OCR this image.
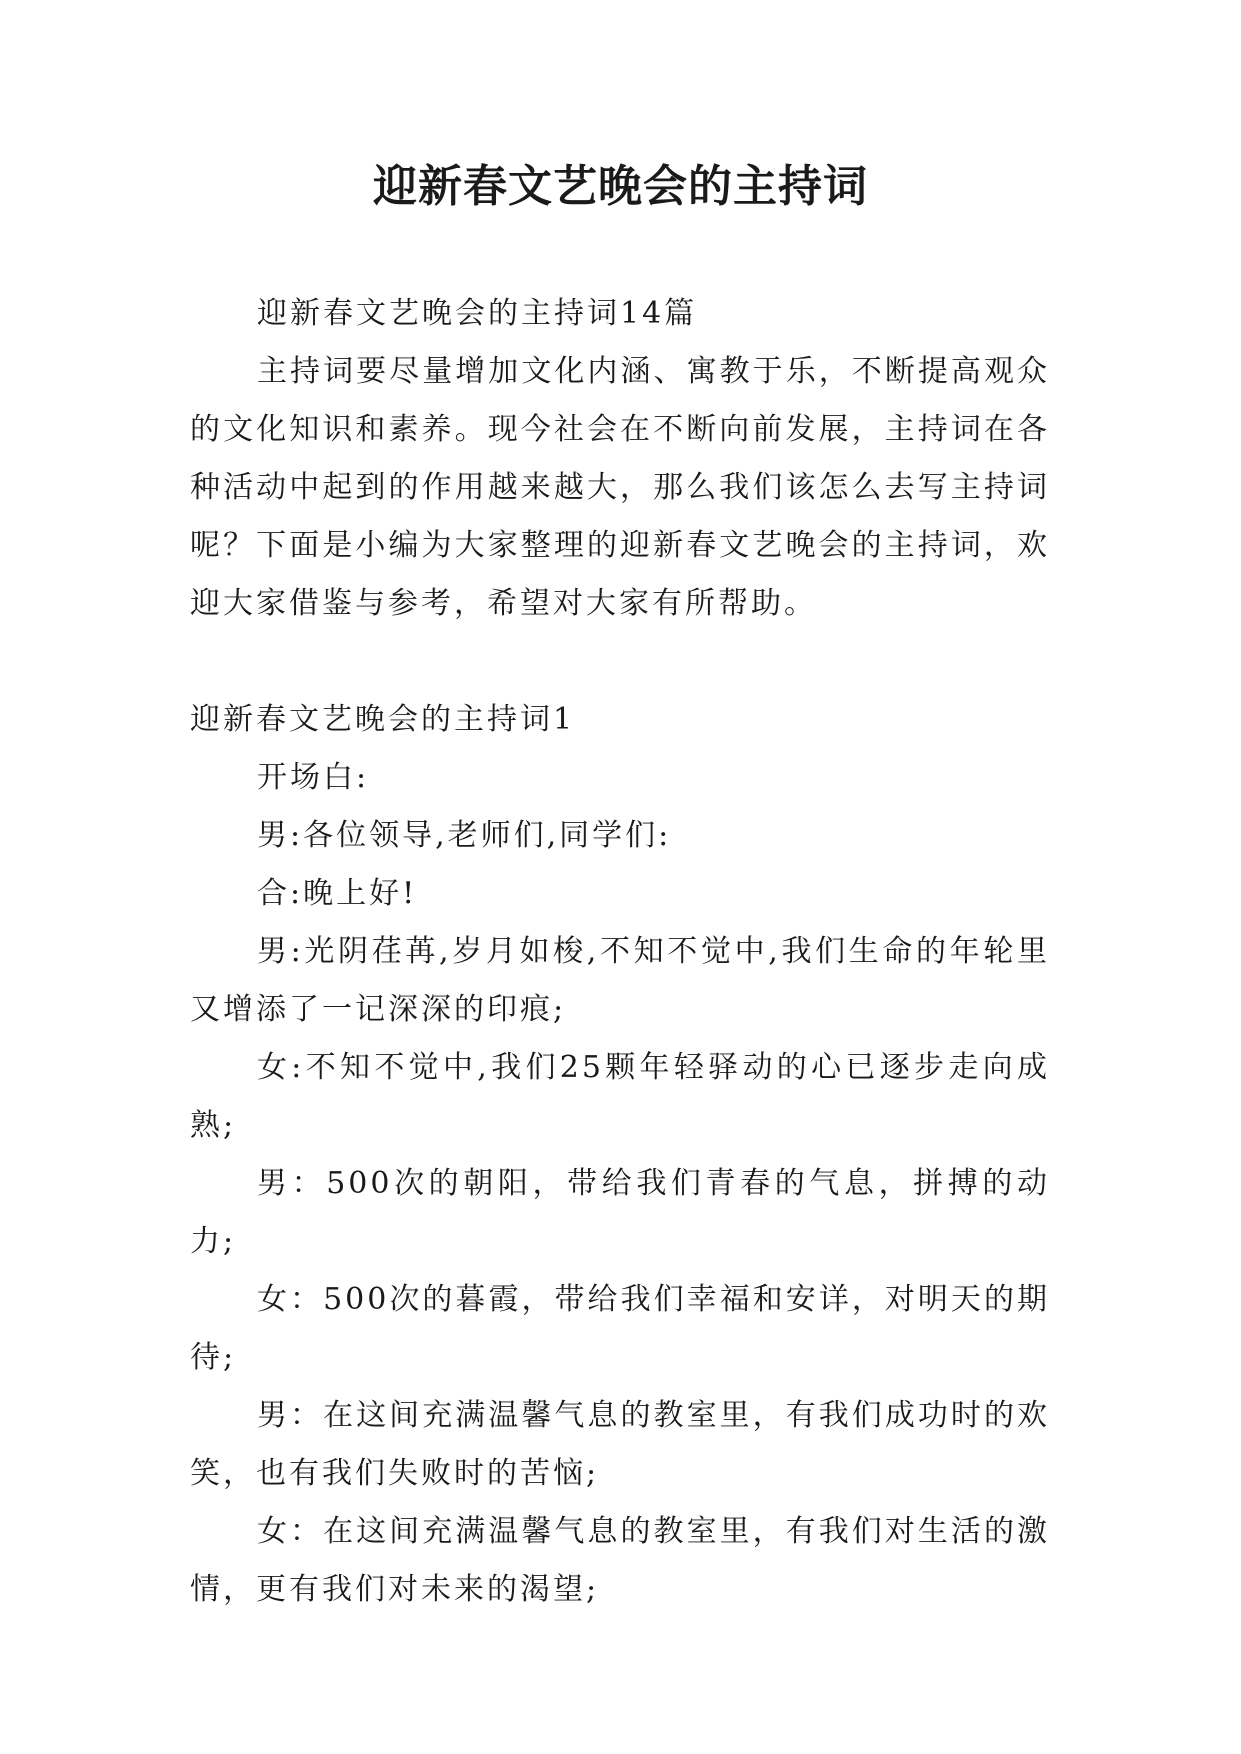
迎新春文艺晚会的主持词

迎新春文艺晚会的主持词14篇

主持词要尽量增加文化内涵、寓教于乐，不断提高观众的文化知识和素养。现今社会在不断向前发展，主持词在各种活动中起到的作用越来越大，那么我们该怎么去写主持词呢？下面是小编为大家整理的迎新春文艺晚会的主持词，欢迎大家借鉴与参考，希望对大家有所帮助。

迎新春文艺晚会的主持词1

开场白:

男:各位领导,老师们,同学们:

合:晚上好!

男:光阴荏苒,岁月如梭,不知不觉中,我们生命的年轮里又增添了一记深深的印痕;

女:不知不觉中,我们25颗年轻驿动的心已逐步走向成熟;

男：500次的朝阳，带给我们青春的气息，拼搏的动力;

女：500次的暮霞，带给我们幸福和安详，对明天的期待;

男：在这间充满温馨气息的教室里，有我们成功时的欢笑，也有我们失败时的苦恼;

女：在这间充满温馨气息的教室里，有我们对生活的激情，更有我们对未来的渴望;
